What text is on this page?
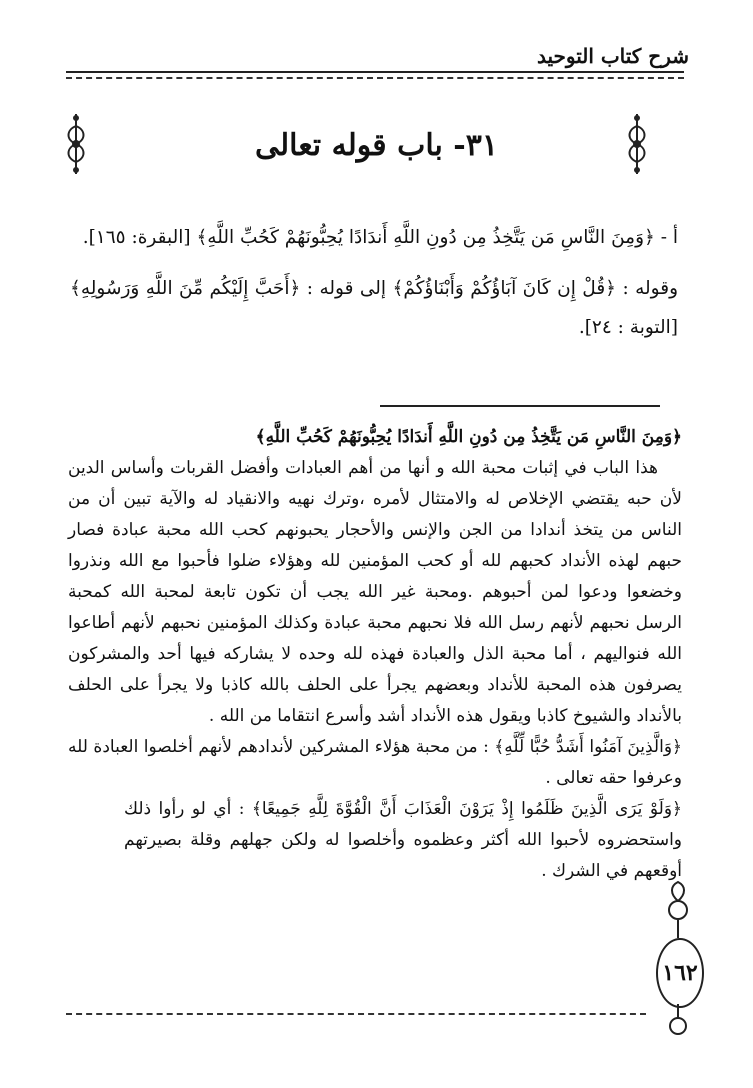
شرح كتاب التوحيد
٣١- باب قوله تعالى

أ - ﴿وَمِنَ النَّاسِ مَن يَتَّخِذُ مِن دُونِ اللَّهِ أَندَادًا يُحِبُّونَهُمْ كَحُبِّ اللَّهِ﴾ [البقرة: ١٦٥].

وقوله : ﴿قُلْ إِن كَانَ آبَاؤُكُمْ وَأَبْنَاؤُكُمْ﴾ إلى قوله : ﴿أَحَبَّ إِلَيْكُم مِّنَ اللَّهِ وَرَسُولِهِ﴾ [التوبة : ٢٤].

﴿وَمِنَ النَّاسِ مَن يَتَّخِذُ مِن دُونِ اللَّهِ أَندَادًا يُحِبُّونَهُمْ كَحُبِّ اللَّهِ﴾

هذا الباب في إثبات محبة الله و أنها من أهم العبادات وأفضل القربات وأساس الدين لأن حبه يقتضي الإخلاص له والامتثال لأمره ،وترك نهيه والانقياد له والآية تبين أن من الناس من يتخذ أندادا من الجن والإنس والأحجار يحبونهم كحب الله محبة عبادة فصار حبهم لهذه الأنداد كحبهم لله أو كحب المؤمنين لله وهؤلاء ضلوا فأحبوا مع الله ونذروا وخضعوا ودعوا لمن أحبوهم .ومحبة غير الله يجب أن تكون تابعة لمحبة الله كمحبة الرسل نحبهم لأنهم رسل الله فلا نحبهم محبة عبادة وكذلك المؤمنين نحبهم لأنهم أطاعوا الله فنواليهم ، أما محبة الذل والعبادة فهذه لله وحده لا يشاركه فيها أحد والمشركون يصرفون هذه المحبة للأنداد وبعضهم يجرأ على الحلف بالله كاذبا ولا يجرأ على الحلف بالأنداد والشيوخ كاذبا ويقول هذه الأنداد أشد وأسرع انتقاما من الله .

﴿وَالَّذِينَ آمَنُوا أَشَدُّ حُبًّا لِّلَّهِ﴾ : من محبة هؤلاء المشركين لأندادهم لأنهم أخلصوا العبادة لله وعرفوا حقه تعالى .

﴿وَلَوْ يَرَى الَّذِينَ ظَلَمُوا إِذْ يَرَوْنَ الْعَذَابَ أَنَّ الْقُوَّةَ لِلَّهِ جَمِيعًا﴾ : أي لو رأوا ذلك واستحضروه لأحبوا الله أكثر وعظموه وأخلصوا له ولكن جهلهم وقلة بصيرتهم أوقعهم في الشرك .

١٦٢
